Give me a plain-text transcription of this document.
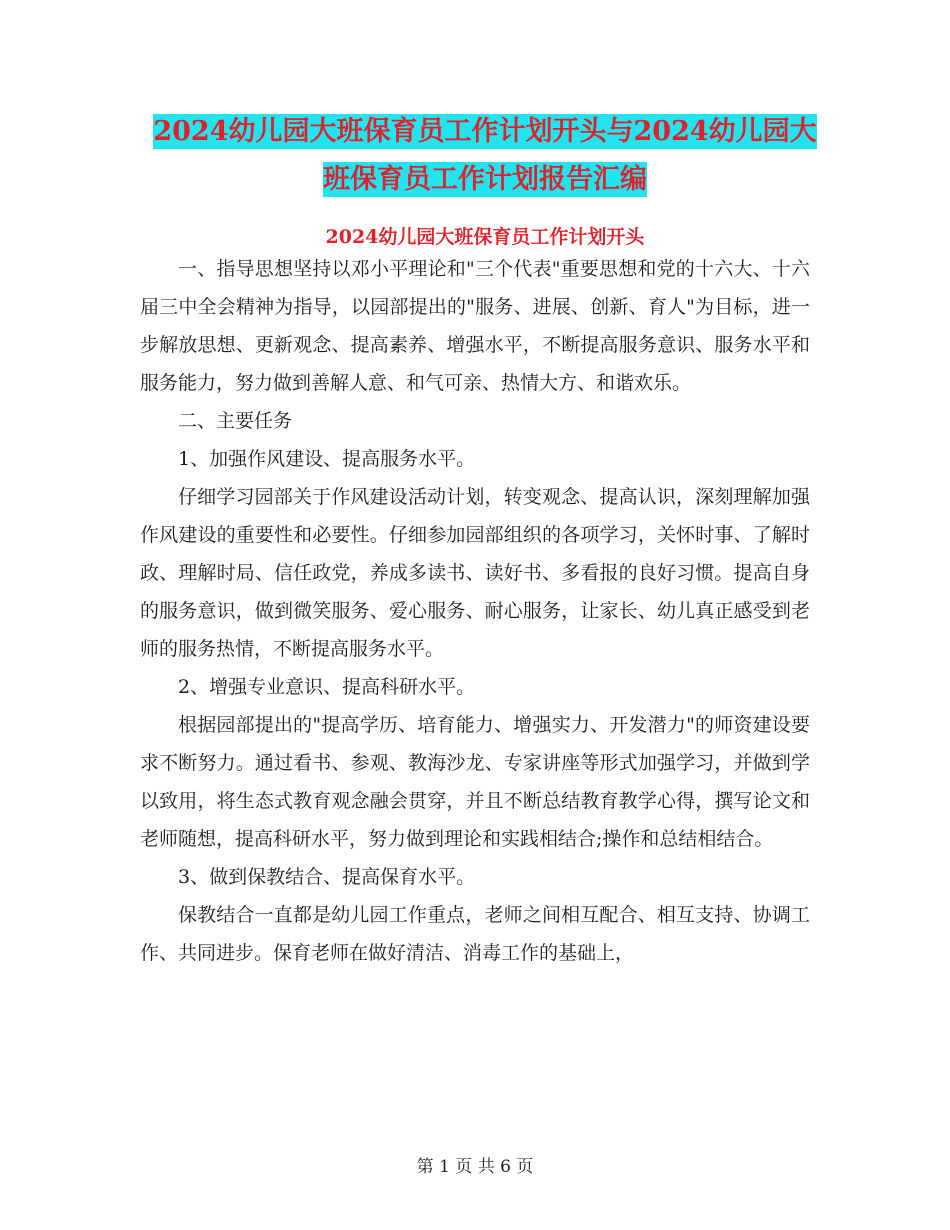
2024幼儿园大班保育员工作计划开头与2024幼儿园大
班保育员工作计划报告汇编
2024幼儿园大班保育员工作计划开头

一、指导思想坚持以邓小平理论和"三个代表"重要思想和党的十六大、十六届三中全会精神为指导，以园部提出的"服务、进展、创新、育人"为目标，进一步解放思想、更新观念、提高素养、增强水平，不断提高服务意识、服务水平和服务能力，努力做到善解人意、和气可亲、热情大方、和谐欢乐。

二、主要任务

1、加强作风建设、提高服务水平。

仔细学习园部关于作风建设活动计划，转变观念、提高认识，深刻理解加强作风建设的重要性和必要性。仔细参加园部组织的各项学习，关怀时事、了解时政、理解时局、信任政党，养成多读书、读好书、多看报的良好习惯。提高自身的服务意识，做到微笑服务、爱心服务、耐心服务，让家长、幼儿真正感受到老师的服务热情，不断提高服务水平。

2、增强专业意识、提高科研水平。

根据园部提出的"提高学历、培育能力、增强实力、开发潜力"的师资建设要求不断努力。通过看书、参观、教海沙龙、专家讲座等形式加强学习，并做到学以致用，将生态式教育观念融会贯穿，并且不断总结教育教学心得，撰写论文和老师随想，提高科研水平，努力做到理论和实践相结合;操作和总结相结合。

3、做到保教结合、提高保育水平。

保教结合一直都是幼儿园工作重点，老师之间相互配合、相互支持、协调工作、共同进步。保育老师在做好清洁、消毒工作的基础上，

第 1 页 共 6 页
